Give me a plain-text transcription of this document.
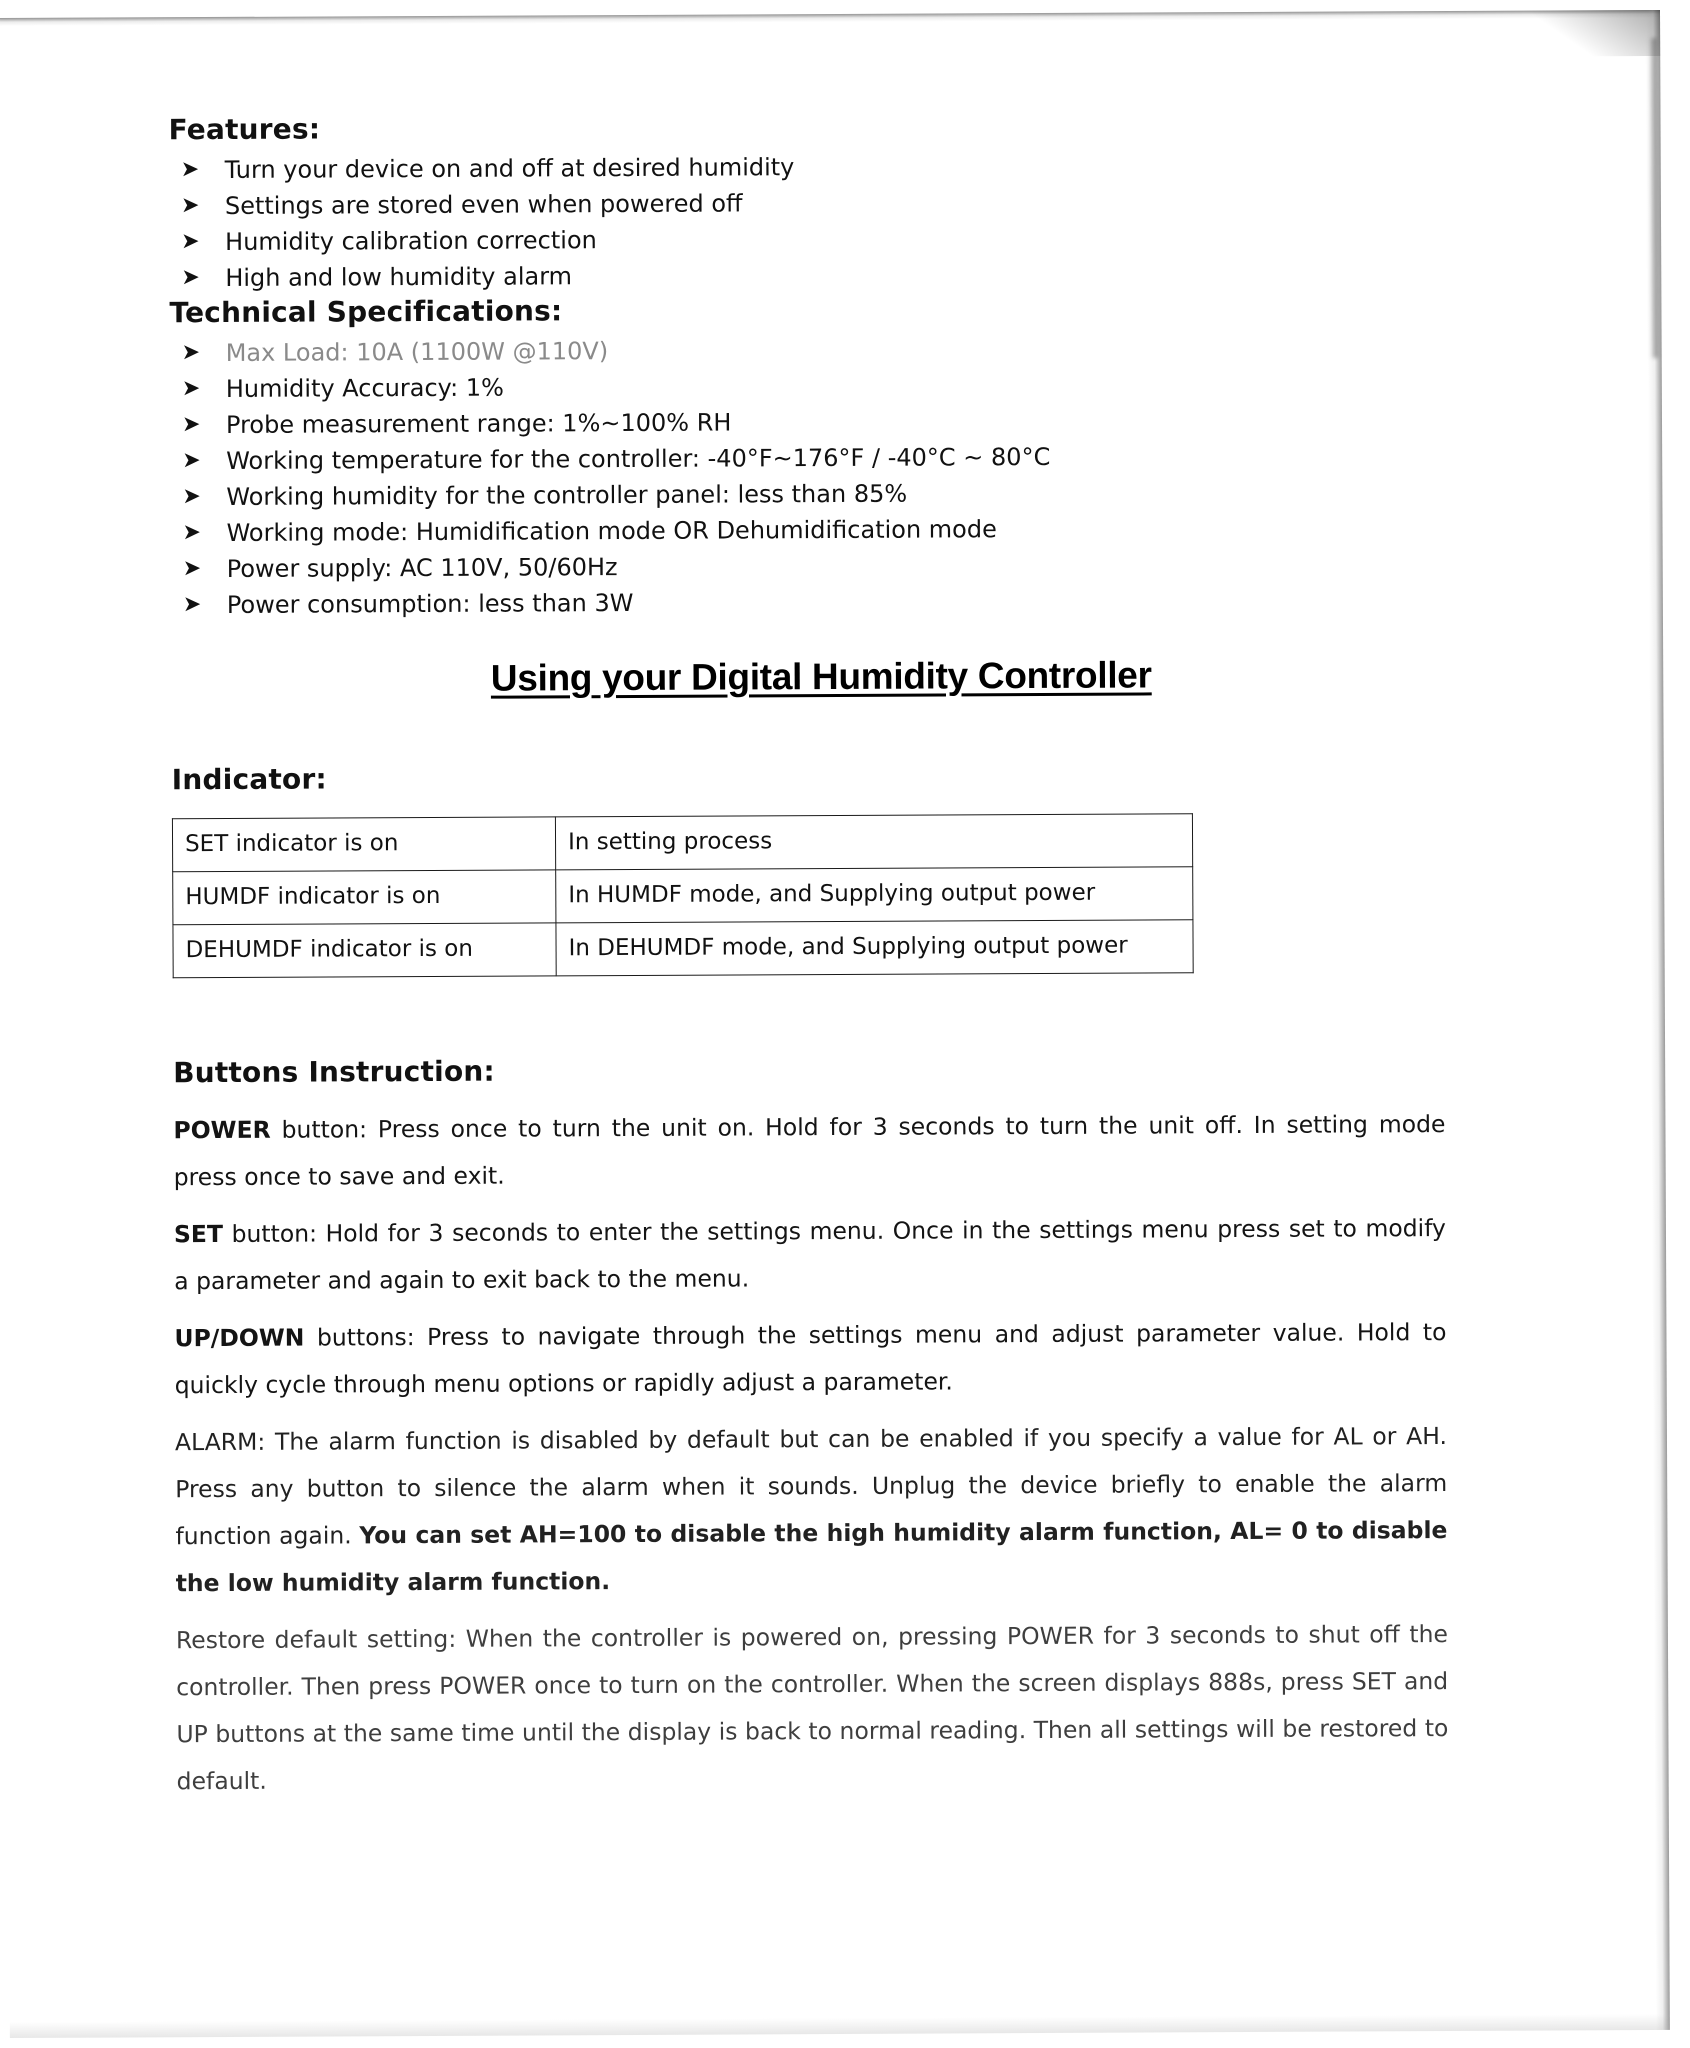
Features:
➤ Turn your device on and off at desired humidity
➤ Settings are stored even when powered off
➤ Humidity calibration correction
➤ High and low humidity alarm
Technical Specifications:
➤ Max Load: 10A (1100W @110V)
➤ Humidity Accuracy: 1%
➤ Probe measurement range: 1%~100% RH
➤ Working temperature for the controller: -40°F~176°F / -40°C ~ 80°C
➤ Working humidity for the controller panel: less than 85%
➤ Working mode: Humidification mode OR Dehumidification mode
➤ Power supply: AC 110V, 50/60Hz
➤ Power consumption: less than 3W
Using your Digital Humidity Controller
Indicator:
SET indicator is on	In setting process
HUMDF indicator is on	In HUMDF mode, and Supplying output power
DEHUMDF indicator is on	In DEHUMDF mode, and Supplying output power
Buttons Instruction:

POWER button: Press once to turn the unit on. Hold for 3 seconds to turn the unit off. In setting mode press once to save and exit.

SET button: Hold for 3 seconds to enter the settings menu. Once in the settings menu press set to modify a parameter and again to exit back to the menu.

UP/DOWN buttons: Press to navigate through the settings menu and adjust parameter value. Hold to quickly cycle through menu options or rapidly adjust a parameter.

ALARM: The alarm function is disabled by default but can be enabled if you specify a value for AL or AH. Press any button to silence the alarm when it sounds. Unplug the device briefly to enable the alarm function again. You can set AH=100 to disable the high humidity alarm function, AL= 0 to disable the low humidity alarm function.

Restore default setting: When the controller is powered on, pressing POWER for 3 seconds to shut off the controller. Then press POWER once to turn on the controller. When the screen displays 888s, press SET and UP buttons at the same time until the display is back to normal reading. Then all settings will be restored to default.
